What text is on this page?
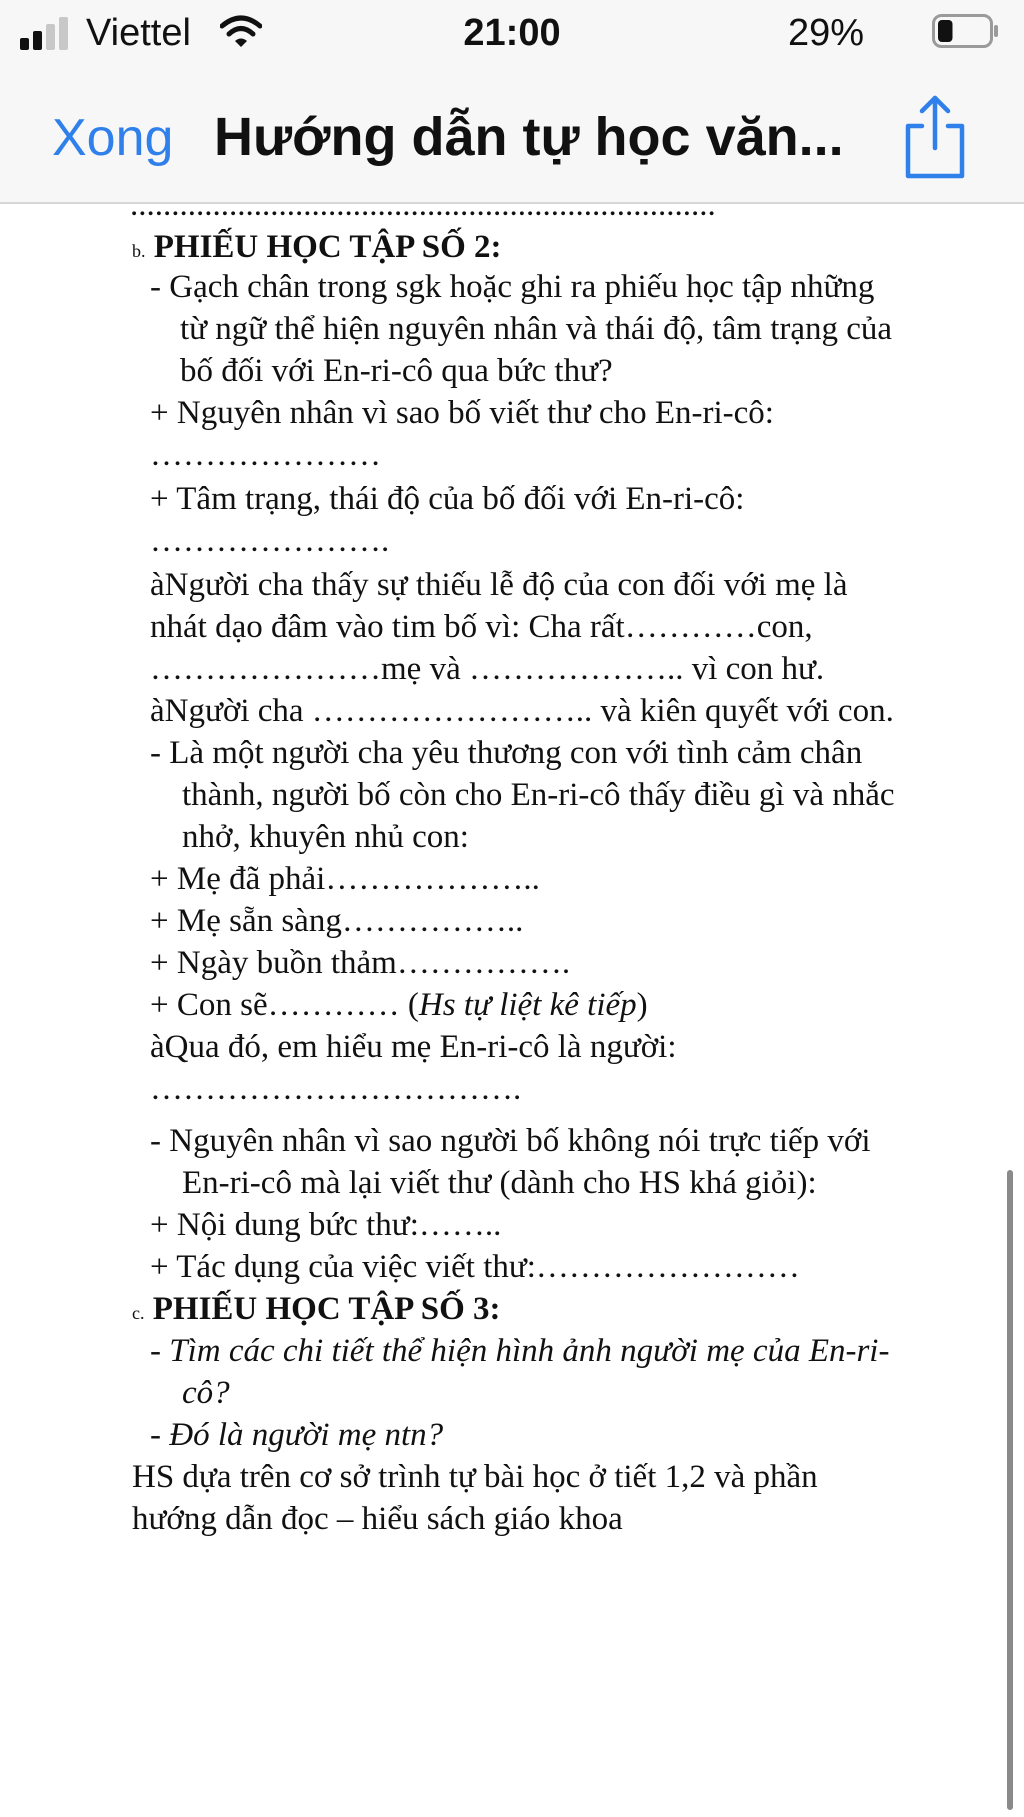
Viettel	21:00	29%
Xong Hướng dẫn tự học văn...
.......................................................................
b. PHIẾU HỌC TẬP SỐ 2:
- Gạch chân trong sgk hoặc ghi ra phiếu học tập những
từ ngữ thể hiện nguyên nhân và thái độ, tâm trạng của
bố đối với En-ri-cô qua bức thư?
+ Nguyên nhân vì sao bố viết thư cho En-ri-cô:
…………………
+ Tâm trạng, thái độ của bố đối với En-ri-cô:
………………….
àNgười cha thấy sự thiếu lễ độ của con đối với mẹ là
nhát dạo đâm vào tim bố vì: Cha rất…………con,
…………………mẹ và ……………….. vì con hư.
àNgười cha …………………….. và kiên quyết với con.
- Là một người cha yêu thương con với tình cảm chân
thành, người bố còn cho En-ri-cô thấy điều gì và nhắc
nhở, khuyên nhủ con:
+ Mẹ đã phải………………..
+ Mẹ sẵn sàng……………..
+ Ngày buồn thảm…………….
+ Con sẽ………… (Hs tự liệt kê tiếp)
àQua đó, em hiểu mẹ En-ri-cô là người:
…………………………….
- Nguyên nhân vì sao người bố không nói trực tiếp với
En-ri-cô mà lại viết thư (dành cho HS khá giỏi):
+ Nội dung bức thư:……..
+ Tác dụng của việc viết thư:……………………
c. PHIẾU HỌC TẬP SỐ 3:
- Tìm các chi tiết thể hiện hình ảnh người mẹ của En-ri-
cô?
- Đó là người mẹ ntn?
HS dựa trên cơ sở trình tự bài học ở tiết 1,2 và phần
hướng dẫn đọc – hiểu sách giáo khoa
